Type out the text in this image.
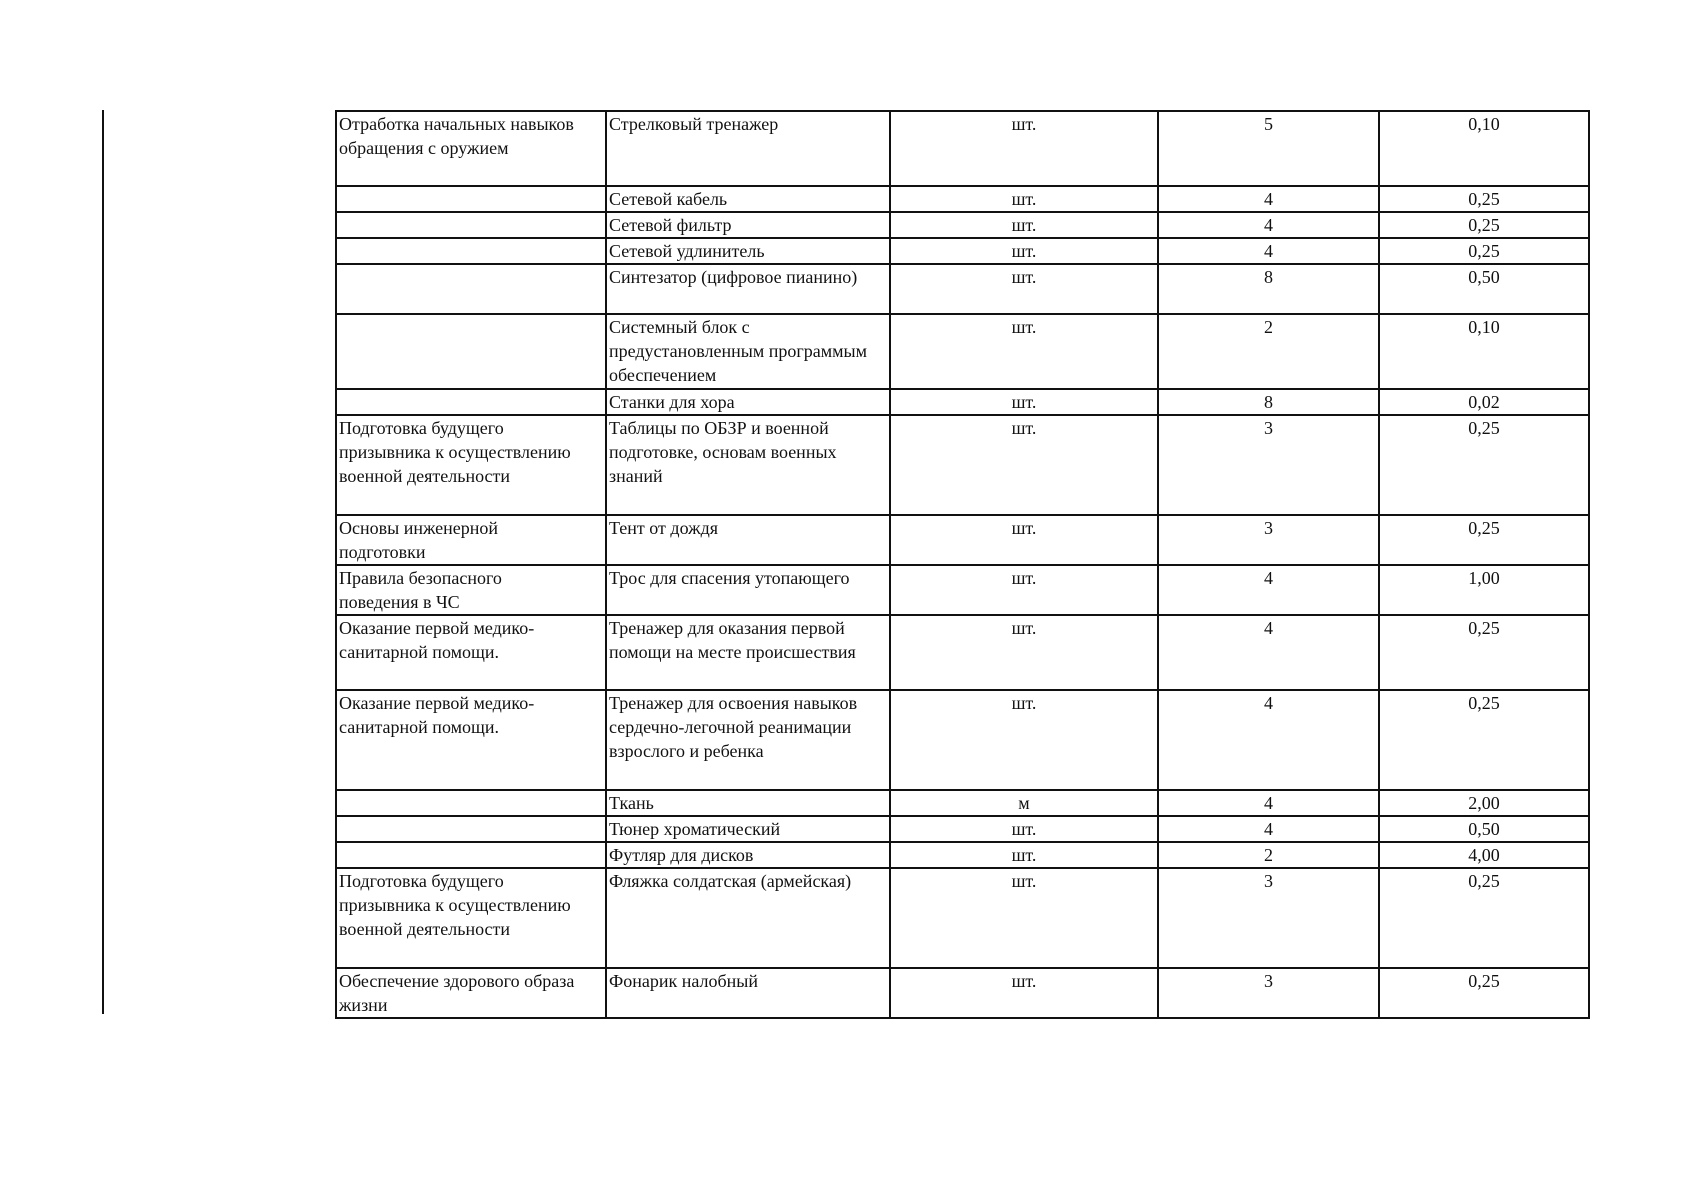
Отработка начальных навыков обращения с оружием	Стрелковый тренажер	шт.	5	0,10

	Сетевой кабель	шт.	4	0,25

	Сетевой фильтр	шт.	4	0,25

	Сетевой удлинитель	шт.	4	0,25

	Синтезатор (цифровое пианино)	шт.	8	0,50

	Системный блок с
предустановленным программым
обеспечением	шт.	2	0,10

	Станки для хора	шт.	8	0,02

Подготовка будущего
призывника к осуществлению
военной деятельности	Таблицы по ОБЗР и военной
подготовке, основам военных
знаний	шт.	3	0,25

Основы инженерной
подготовки	Тент от дождя	шт.	3	0,25

Правила безопасного
поведения в ЧС	Трос для спасения утопающего	шт.	4	1,00

Оказание первой медико-
санитарной помощи.	Тренажер для оказания первой
помощи на месте происшествия	шт.	4	0,25

Оказание первой медико-
санитарной помощи.	Тренажер для освоения навыков
сердечно-легочной реанимации
взрослого и ребенка	шт.	4	0,25

	Ткань	м	4	2,00

	Тюнер хроматический	шт.	4	0,50

	Футляр для дисков	шт.	2	4,00

Подготовка будущего
призывника к осуществлению
военной деятельности	Фляжка солдатская (армейская)	шт.	3	0,25

Обеспечение здорового образа
жизни	Фонарик налобный	шт.	3	0,25
